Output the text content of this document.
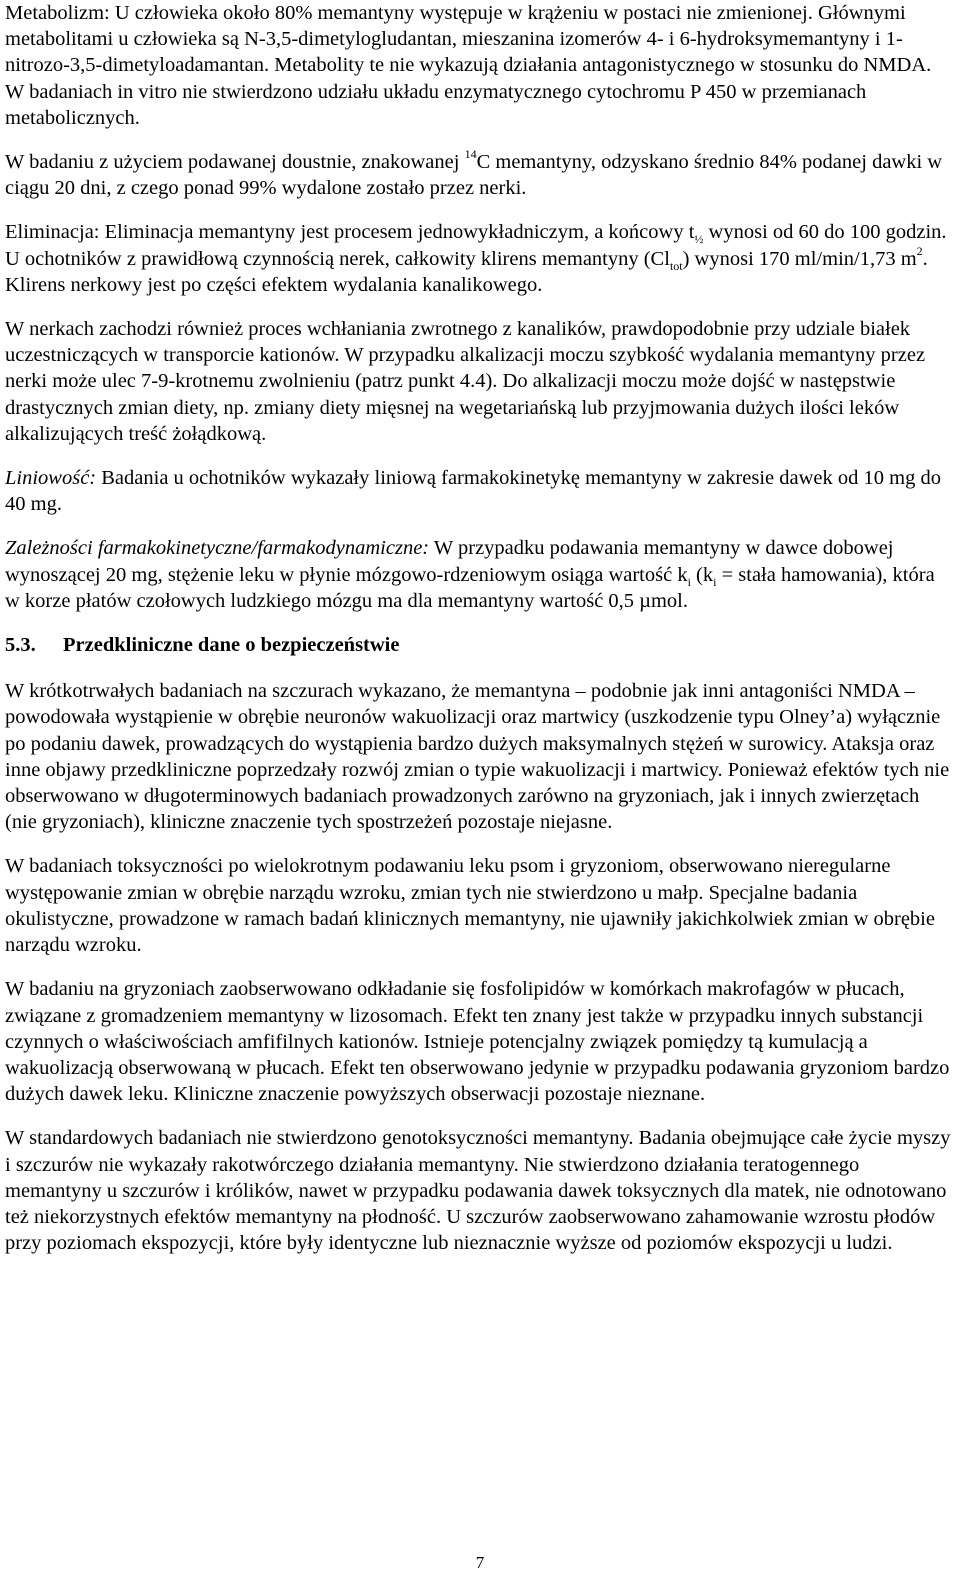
Metabolizm: U człowieka około 80% memantyny występuje w krążeniu w postaci nie zmienionej. Głównymi metabolitami u człowieka są N-3,5-dimetylogludantan, mieszanina izomerów 4- i 6-hydroksymemantyny i 1-nitrozo-3,5-dimetyloadamantan. Metabolity te nie wykazują działania antagonistycznego w stosunku do NMDA. W badaniach in vitro nie stwierdzono udziału układu enzymatycznego cytochromu P 450 w przemianach metabolicznych.

W badaniu z użyciem podawanej doustnie, znakowanej $^{14}$C memantyny, odzyskano średnio 84% podanej dawki w ciągu 20 dni, z czego ponad 99% wydalone zostało przez nerki.

Eliminacja: Eliminacja memantyny jest procesem jednowykładniczym, a końcowy $t_{\frac{1}{2}}$ wynosi od 60 do 100 godzin. U ochotników z prawidłową czynnością nerek, całkowity klirens memantyny $(Cl_{tot})$ wynosi 170 ml/min/1,73 $m^2$. Klirens nerkowy jest po części efektem wydalania kanalikowego.

W nerkach zachodzi również proces wchłaniania zwrotnego z kanalików, prawdopodobnie przy udziale białek uczestniczących w transporcie kationów. W przypadku alkalizacji moczu szybkość wydalania memantyny przez nerki może ulec 7-9-krotnemu zwolnieniu (patrz punkt 4.4). Do alkalizacji moczu może dojść w następstwie drastycznych zmian diety, np. zmiany diety mięsnej na wegetariańską lub przyjmowania dużych ilości leków alkalizujących treść żołądkową.

Liniowość: Badania u ochotników wykazały liniową farmakokinetykę memantyny w zakresie dawek od 10 mg do 40 mg.

Zależności farmakokinetyczne/farmakodynamiczne: W przypadku podawania memantyny w dawce dobowej wynoszącej 20 mg, stężenie leku w płynie mózgowo-rdzeniowym osiąga wartość $k_i$ ($k_i$ = stała hamowania), która w korze płatów czołowych ludzkiego mózgu ma dla memantyny wartość 0,5 µmol.

5.3. Przedkliniczne dane o bezpieczeństwie

W krótkotrwałych badaniach na szczurach wykazano, że memantyna – podobnie jak inni antagoniści NMDA – powodowała wystąpienie w obrębie neuronów wakuolizacji oraz martwicy (uszkodzenie typu Olney’a) wyłącznie po podaniu dawek, prowadzących do wystąpienia bardzo dużych maksymalnych stężeń w surowicy. Ataksja oraz inne objawy przedkliniczne poprzedzały rozwój zmian o typie wakuolizacji i martwicy. Ponieważ efektów tych nie obserwowano w długoterminowych badaniach prowadzonych zarówno na gryzoniach, jak i innych zwierzętach (nie gryzoniach), kliniczne znaczenie tych spostrzeżeń pozostaje niejasne.

W badaniach toksyczności po wielokrotnym podawaniu leku psom i gryzoniom, obserwowano nieregularne występowanie zmian w obrębie narządu wzroku, zmian tych nie stwierdzono u małp. Specjalne badania okulistyczne, prowadzone w ramach badań klinicznych memantyny, nie ujawniły jakichkolwiek zmian w obrębie narządu wzroku.

W badaniu na gryzoniach zaobserwowano odkładanie się fosfolipidów w komórkach makrofagów w płucach, związane z gromadzeniem memantyny w lizosomach. Efekt ten znany jest także w przypadku innych substancji czynnych o właściwościach amfifilnych kationów. Istnieje potencjalny związek pomiędzy tą kumulacją a wakuolizacją obserwowaną w płucach. Efekt ten obserwowano jedynie w przypadku podawania gryzoniom bardzo dużych dawek leku. Kliniczne znaczenie powyższych obserwacji pozostaje nieznane.

W standardowych badaniach nie stwierdzono genotoksyczności memantyny. Badania obejmujące całe życie myszy i szczurów nie wykazały rakotwórczego działania memantyny. Nie stwierdzono działania teratogennego memantyny u szczurów i królików, nawet w przypadku podawania dawek toksycznych dla matek, nie odnotowano też niekorzystnych efektów memantyny na płodność. U szczurów zaobserwowano zahamowanie wzrostu płodów przy poziomach ekspozycji, które były identyczne lub nieznacznie wyższe od poziomów ekspozycji u ludzi.

7
